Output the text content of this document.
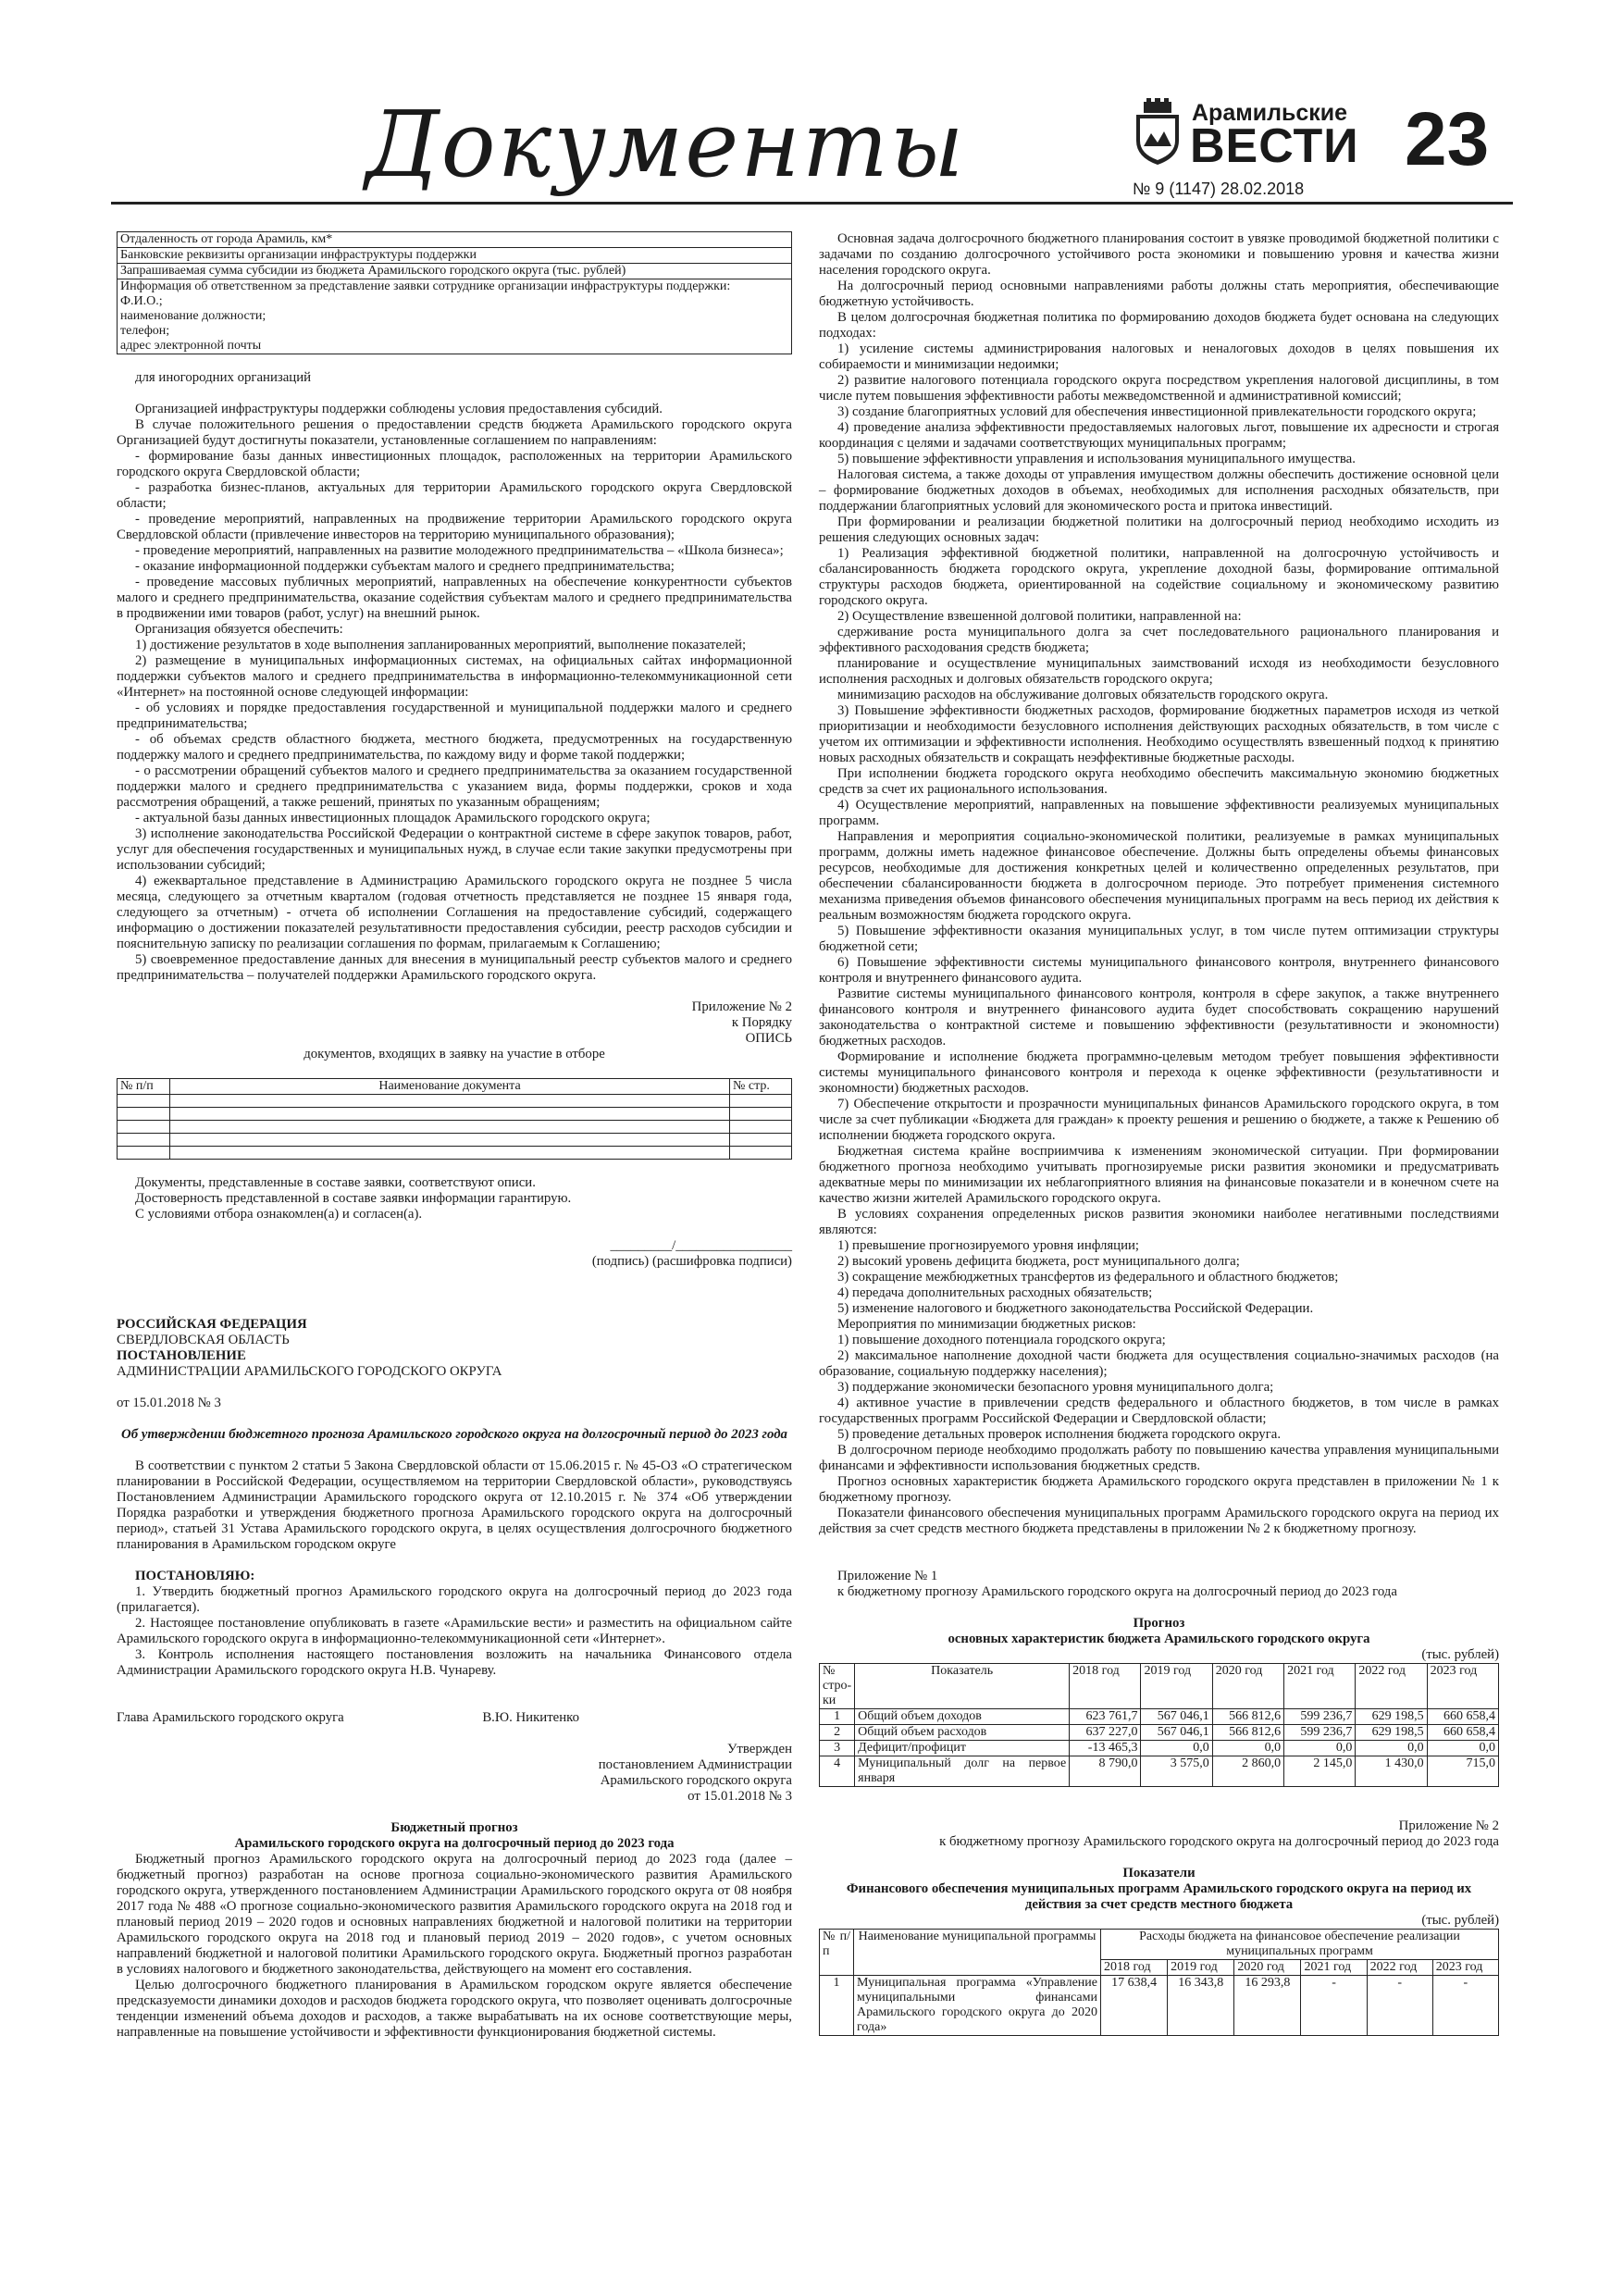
Документы	Арамильские
ВЕСТИ
№ 9 (1147) 28.02.2018
23
Отдаленность от города Арамиль, км*
Банковские реквизиты организации инфраструктуры поддержки
Запрашиваемая сумма субсидии из бюджета Арамильского городского округа (тыс. рублей)

Информация об ответственном за представление заявки сотруднике организации инфраструктуры поддержки:
Ф.И.О.;
наименование должности;
телефон;
адрес электронной почты

для иногородних организаций

Организацией инфраструктуры поддержки соблюдены условия предоставления субсидий.

В случае положительного решения о предоставлении средств бюджета Арамильского городского округа Организацией будут достигнуты показатели, установленные соглашением по направлениям:

- формирование базы данных инвестиционных площадок, расположенных на территории Арамильского городского округа Свердловской области;

- разработка бизнес-планов, актуальных для территории Арамильского городского округа Свердловской области;

- проведение мероприятий, направленных на продвижение территории Арамильского городского округа Свердловской области (привлечение инвесторов на территорию муниципального образования);

- проведение мероприятий, направленных на развитие молодежного предпринимательства – «Школа бизнеса»;

- оказание информационной поддержки субъектам малого и среднего предпринимательства;

- проведение массовых публичных мероприятий, направленных на обеспечение конкурентности субъектов малого и среднего предпринимательства, оказание содействия субъектам малого и среднего предпринимательства в продвижении ими товаров (работ, услуг) на внешний рынок.

Организация обязуется обеспечить:

1) достижение результатов в ходе выполнения запланированных мероприятий, выполнение показателей;

2) размещение в муниципальных информационных системах, на официальных сайтах информационной поддержки субъектов малого и среднего предпринимательства в информационно-телекоммуникационной сети «Интернет» на постоянной основе следующей информации:

- об условиях и порядке предоставления государственной и муниципальной поддержки малого и среднего предпринимательства;

- об объемах средств областного бюджета, местного бюджета, предусмотренных на государственную поддержку малого и среднего предпринимательства, по каждому виду и форме такой поддержки;

- о рассмотрении обращений субъектов малого и среднего предпринимательства за оказанием государственной поддержки малого и среднего предпринимательства с указанием вида, формы поддержки, сроков и хода рассмотрения обращений, а также решений, принятых по указанным обращениям;

- актуальной базы данных инвестиционных площадок Арамильского городского округа;

3) исполнение законодательства Российской Федерации о контрактной системе в сфере закупок товаров, работ, услуг для обеспечения государственных и муниципальных нужд, в случае если такие закупки предусмотрены при использовании субсидий;

4) ежеквартальное представление в Администрацию Арамильского городского округа не позднее 5 числа месяца, следующего за отчетным кварталом (годовая отчетность представляется не позднее 15 января года, следующего за отчетным) - отчета об исполнении Соглашения на предоставление субсидий, содержащего информацию о достижении показателей результативности предоставления субсидии, реестр расходов субсидии и пояснительную записку по реализации соглашения по формам, прилагаемым к Соглашению;

5) своевременное предоставление данных для внесения в муниципальный реестр субъектов малого и среднего предпринимательства – получателей поддержки Арамильского городского округа.

Приложение № 2
к Порядку
ОПИСЬ
документов, входящих в заявку на участие в отборе
№ п/п	Наименование документа	№ стр.

Документы, представленные в составе заявки, соответствуют описи.

Достоверность представленной в составе заявки информации гарантирую.

С условиями отбора ознакомлен(а) и согласен(а).

_________/_________________
(подпись) (расшифровка подписи)
РОССИЙСКАЯ ФЕДЕРАЦИЯ
СВЕРДЛОВСКАЯ ОБЛАСТЬ
ПОСТАНОВЛЕНИЕ
АДМИНИСТРАЦИИ АРАМИЛЬСКОГО ГОРОДСКОГО ОКРУГА
от 15.01.2018 № 3
Об утверждении бюджетного прогноза Арамильского городского округа на долгосрочный период до 2023 года

В соответствии с пунктом 2 статьи 5 Закона Свердловской области от 15.06.2015 г. № 45-ОЗ «О стратегическом планировании в Российской Федерации, осуществляемом на территории Свердловской области», руководствуясь Постановлением Администрации Арамильского городского округа от 12.10.2015 г. № 374 «Об утверждении Порядка разработки и утверждения бюджетного прогноза Арамильского городского округа на долгосрочный период», статьей 31 Устава Арамильского городского округа, в целях осуществления долгосрочного бюджетного планирования в Арамильском городском округе

ПОСТАНОВЛЯЮ:

1. Утвердить бюджетный прогноз Арамильского городского округа на долгосрочный период до 2023 года (прилагается).

2. Настоящее постановление опубликовать в газете «Арамильские вести» и разместить на официальном сайте Арамильского городского округа в информационно-телекоммуникационной сети «Интернет».

3. Контроль исполнения настоящего постановления возложить на начальника Финансового отдела Администрации Арамильского городского округа Н.В. Чунареву.

Глава Арамильского городского округа	В.Ю. Никитенко
Утвержден
постановлением Администрации
Арамильского городского округа
от 15.01.2018 № 3
Бюджетный прогноз
Арамильского городского округа на долгосрочный период до 2023 года

Бюджетный прогноз Арамильского городского округа на долгосрочный период до 2023 года (далее – бюджетный прогноз) разработан на основе прогноза социально-экономического развития Арамильского городского округа, утвержденного постановлением Администрации Арамильского городского округа от 08 ноября 2017 года № 488 «О прогнозе социально-экономического развития Арамильского городского округа на 2018 год и плановый период 2019 – 2020 годов и основных направлениях бюджетной и налоговой политики на территории Арамильского городского округа на 2018 год и плановый период 2019 – 2020 годов», с учетом основных направлений бюджетной и налоговой политики Арамильского городского округа. Бюджетный прогноз разработан в условиях налогового и бюджетного законодательства, действующего на момент его составления.

Целью долгосрочного бюджетного планирования в Арамильском городском округе является обеспечение предсказуемости динамики доходов и расходов бюджета городского округа, что позволяет оценивать долгосрочные тенденции изменений объема доходов и расходов, а также вырабатывать на их основе соответствующие меры, направленные на повышение устойчивости и эффективности функционирования бюджетной системы.

Основная задача долгосрочного бюджетного планирования состоит в увязке проводимой бюджетной политики с задачами по созданию долгосрочного устойчивого роста экономики и повышению уровня и качества жизни населения городского округа.

На долгосрочный период основными направлениями работы должны стать мероприятия, обеспечивающие бюджетную устойчивость.

В целом долгосрочная бюджетная политика по формированию доходов бюджета будет основана на следующих подходах:

1) усиление системы администрирования налоговых и неналоговых доходов в целях повышения их собираемости и минимизации недоимки;

2) развитие налогового потенциала городского округа посредством укрепления налоговой дисциплины, в том числе путем повышения эффективности работы межведомственной и административной комиссий;

3) создание благоприятных условий для обеспечения инвестиционной привлекательности городского округа;

4) проведение анализа эффективности предоставляемых налоговых льгот, повышение их адресности и строгая координация с целями и задачами соответствующих муниципальных программ;

5) повышение эффективности управления и использования муниципального имущества.

Налоговая система, а также доходы от управления имуществом должны обеспечить достижение основной цели – формирование бюджетных доходов в объемах, необходимых для исполнения расходных обязательств, при поддержании благоприятных условий для экономического роста и притока инвестиций.

При формировании и реализации бюджетной политики на долгосрочный период необходимо исходить из решения следующих основных задач:

1) Реализация эффективной бюджетной политики, направленной на долгосрочную устойчивость и сбалансированность бюджета городского округа, укрепление доходной базы, формирование оптимальной структуры расходов бюджета, ориентированной на содействие социальному и экономическому развитию городского округа.

2) Осуществление взвешенной долговой политики, направленной на:

сдерживание роста муниципального долга за счет последовательного рационального планирования и эффективного расходования средств бюджета;

планирование и осуществление муниципальных заимствований исходя из необходимости безусловного исполнения расходных и долговых обязательств городского округа;

минимизацию расходов на обслуживание долговых обязательств городского округа.

3) Повышение эффективности бюджетных расходов, формирование бюджетных параметров исходя из четкой приоритизации и необходимости безусловного исполнения действующих расходных обязательств, в том числе с учетом их оптимизации и эффективности исполнения. Необходимо осуществлять взвешенный подход к принятию новых расходных обязательств и сокращать неэффективные бюджетные расходы.

При исполнении бюджета городского округа необходимо обеспечить максимальную экономию бюджетных средств за счет их рационального использования.

4) Осуществление мероприятий, направленных на повышение эффективности реализуемых муниципальных программ.

Направления и мероприятия социально-экономической политики, реализуемые в рамках муниципальных программ, должны иметь надежное финансовое обеспечение. Должны быть определены объемы финансовых ресурсов, необходимые для достижения конкретных целей и количественно определенных результатов, при обеспечении сбалансированности бюджета в долгосрочном периоде. Это потребует применения системного механизма приведения объемов финансового обеспечения муниципальных программ на весь период их действия к реальным возможностям бюджета городского округа.

5) Повышение эффективности оказания муниципальных услуг, в том числе путем оптимизации структуры бюджетной сети;

6) Повышение эффективности системы муниципального финансового контроля, внутреннего финансового контроля и внутреннего финансового аудита.

Развитие системы муниципального финансового контроля, контроля в сфере закупок, а также внутреннего финансового контроля и внутреннего финансового аудита будет способствовать сокращению нарушений законодательства о контрактной системе и повышению эффективности (результативности и экономности) бюджетных расходов.

Формирование и исполнение бюджета программно-целевым методом требует повышения эффективности системы муниципального финансового контроля и перехода к оценке эффективности (результативности и экономности) бюджетных расходов.

7) Обеспечение открытости и прозрачности муниципальных финансов Арамильского городского округа, в том числе за счет публикации «Бюджета для граждан» к проекту решения и решению о бюджете, а также к Решению об исполнении бюджета городского округа.

Бюджетная система крайне восприимчива к изменениям экономической ситуации. При формировании бюджетного прогноза необходимо учитывать прогнозируемые риски развития экономики и предусматривать адекватные меры по минимизации их неблагоприятного влияния на финансовые показатели и в конечном счете на качество жизни жителей Арамильского городского округа.

В условиях сохранения определенных рисков развития экономики наиболее негативными последствиями являются:

1) превышение прогнозируемого уровня инфляции;

2) высокий уровень дефицита бюджета, рост муниципального долга;

3) сокращение межбюджетных трансфертов из федерального и областного бюджетов;

4) передача дополнительных расходных обязательств;

5) изменение налогового и бюджетного законодательства Российской Федерации.

Мероприятия по минимизации бюджетных рисков:

1) повышение доходного потенциала городского округа;

2) максимальное наполнение доходной части бюджета для осуществления социально-значимых расходов (на образование, социальную поддержку населения);

3) поддержание экономически безопасного уровня муниципального долга;

4) активное участие в привлечении средств федерального и областного бюджетов, в том числе в рамках государственных программ Российской Федерации и Свердловской области;

5) проведение детальных проверок исполнения бюджета городского округа.

В долгосрочном периоде необходимо продолжать работу по повышению качества управления муниципальными финансами и эффективности использования бюджетных средств.

Прогноз основных характеристик бюджета Арамильского городского округа представлен в приложении № 1 к бюджетному прогнозу.

Показатели финансового обеспечения муниципальных программ Арамильского городского округа на период их действия за счет средств местного бюджета представлены в приложении № 2 к бюджетному прогнозу.

Приложение № 1

к бюджетному прогнозу Арамильского городского округа на долгосрочный период до 2023 года

Прогноз
основных характеристик бюджета Арамильского городского округа
(тыс. рублей)
№ стро-ки	Показатель	2018 год	2019 год	2020 год	2021 год	2022 год	2023 год
1	Общий объем доходов	623 761,7	567 046,1	566 812,6	599 236,7	629 198,5	660 658,4
2	Общий объем расходов	637 227,0	567 046,1	566 812,6	599 236,7	629 198,5	660 658,4
3	Дефицит/профицит	-13 465,3	0,0	0,0	0,0	0,0	0,0
4	Муниципальный долг на первое января	8 790,0	3 575,0	2 860,0	2 145,0	1 430,0	715,0
Приложение № 2
к бюджетному прогнозу Арамильского городского округа на долгосрочный период до 2023 года
Показатели
Финансового обеспечения муниципальных программ Арамильского городского округа на период их действия за счет средств местного бюджета
(тыс. рублей)
№ п/п	Наименование муниципальной программы	Расходы бюджета на финансовое обеспечение реализации муниципальных программ					
		2018 год	2019 год	2020 год	2021 год	2022 год	2023 год
1	Муниципальная программа «Управление муниципальными финансами Арамильского городского округа до 2020 года»	17 638,4	16 343,8	16 293,8	-	-	-
